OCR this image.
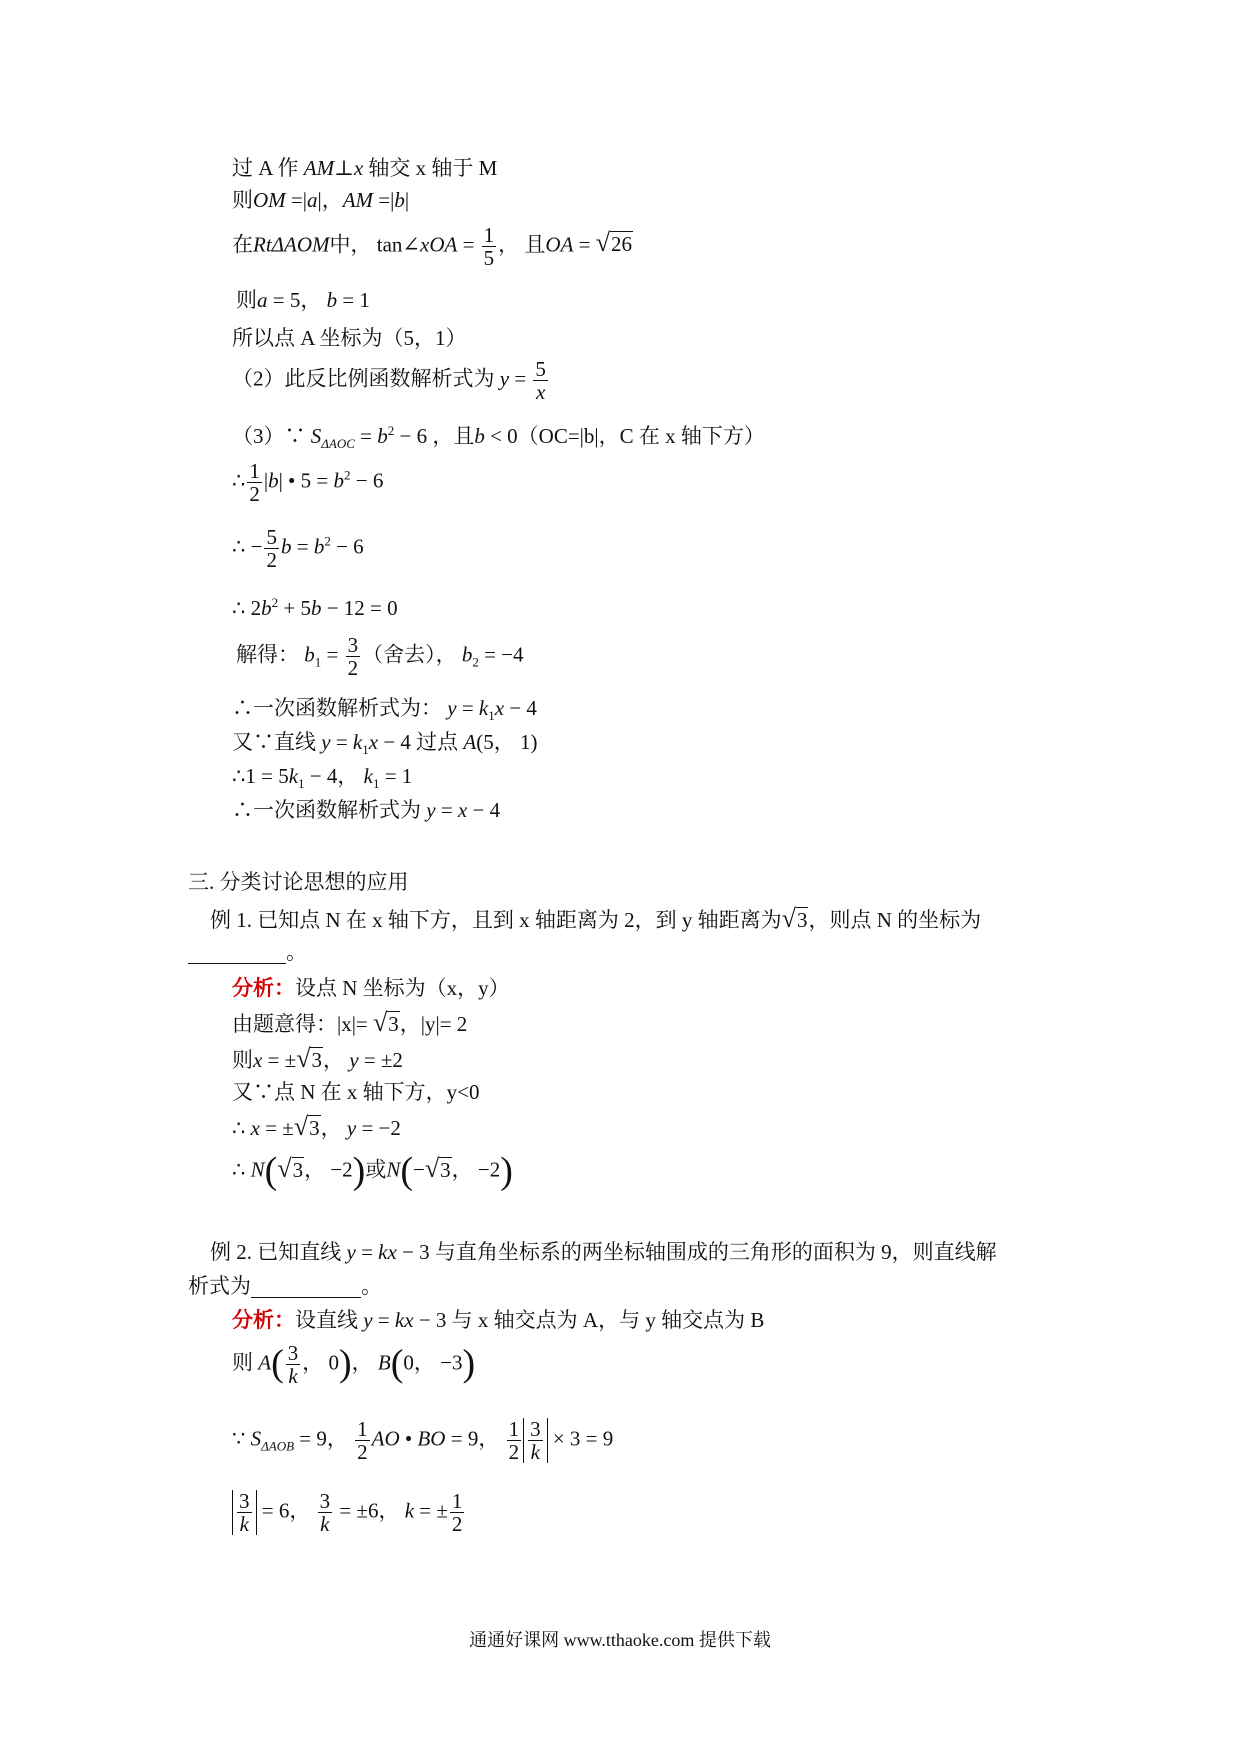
过 A 作 AM⊥x 轴交 x 轴于 M
则OM =|a|，AM =|b|
在RtΔAOM中， tan∠xOA = $\frac{1}{5}$ ， 且OA = √26
则a = 5， b = 1
所以点 A 坐标为（5，1）
（2）此反比例函数解析式为 $y = \frac{5}{x}$
（3）∵ $S_{\Delta AOC} = b^2 - 6$ ，且b < 0（OC=|b|，C 在 x 轴下方）
∴ $\frac{1}{2} |b|$ • $5 = b^2 - 6$
∴ − $\frac{5}{2}$ $b = b^2 - 6$
∴ $2b^2 + 5b - 12 = 0$
解得： $b_1 = \frac{3}{2}$ （舍去）， $b_2 = -4$
∴一次函数解析式为： $y = k_1x - 4$
又∵直线 $y = k_1x - 4$ 过点 A(5， 1)
∴1 = $5k_1 - 4$， $k_1 = 1$
∴一次函数解析式为 y = x − 4
三. 分类讨论思想的应用
例 1. 已知点 N 在 x 轴下方，且到 x 轴距离为 2，到 y 轴距离为√3，则点 N 的坐标为
。
分析：设点 N 坐标为（x，y）
由题意得：|x|= √3，|y|= 2
则x = ±√3， y = ±2
又∵点 N 在 x 轴下方，y<0
∴ x = ±√3， y = −2
∴ N(√3， −2)或N(−√3， −2)
例 2. 已知直线 y = kx − 3 与直角坐标系的两坐标轴围成的三角形的面积为 9，则直线解
析式为	。
分析：设直线 y = kx − 3 与 x 轴交点为 A，与 y 轴交点为 B
则 $A( \frac{3}{k}$ ， 0)， B(0， −3)
∵ $S_{\Delta AOB} = 9$， $\frac{1}{2}$ AO • BO = 9， $\frac{1}{2} \frac{3}{k} \times 3 = 9$
$\frac{3}{k} = 6$， $\frac{3}{k} = \pm 6$， k = ± $\frac{1}{2}$
通通好课网 www.tthaoke.com 提供下载
